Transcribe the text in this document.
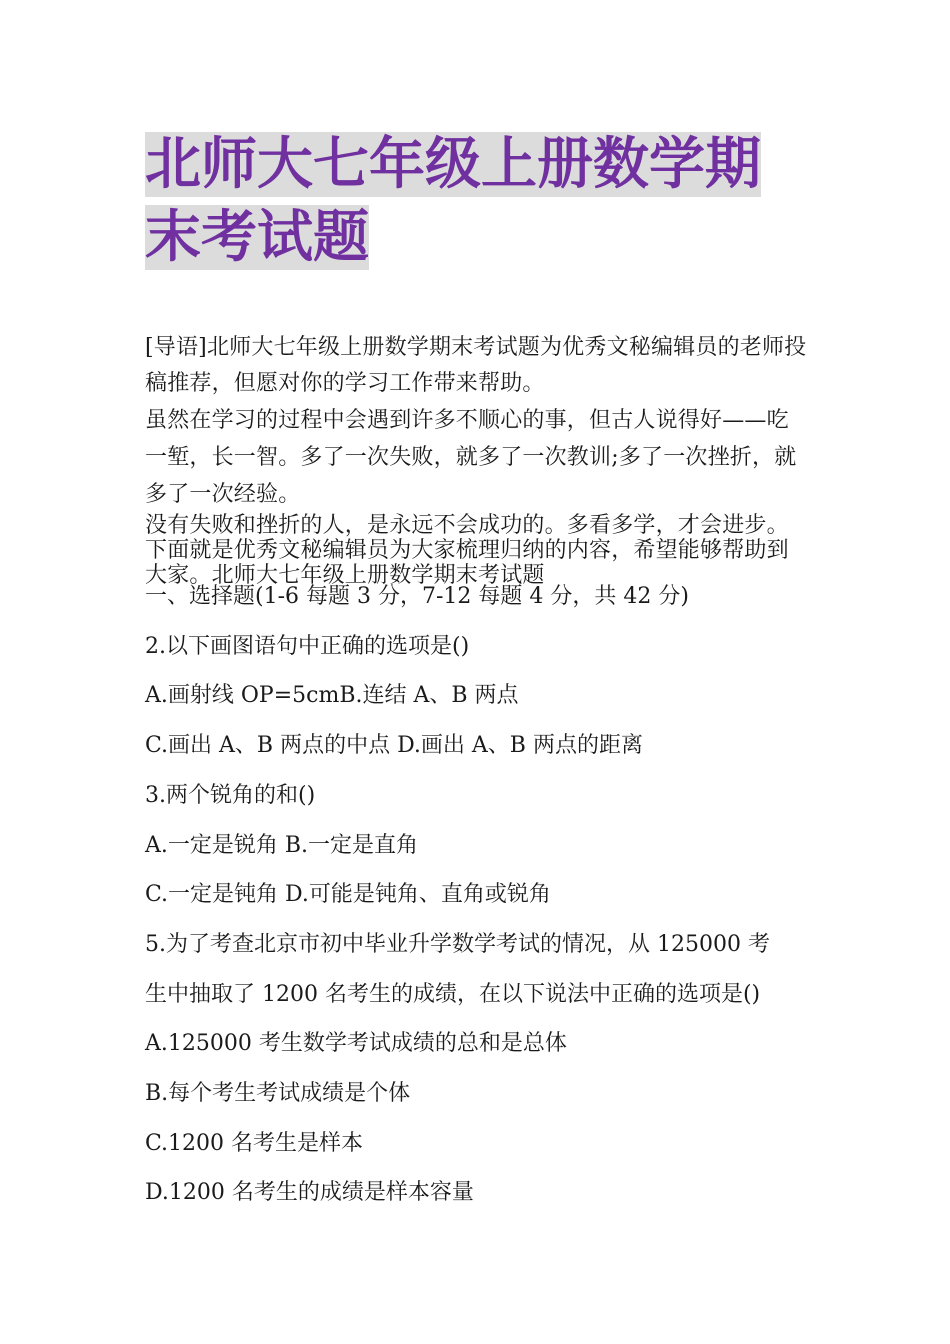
北师大七年级上册数学期
末考试题

[导语]北师大七年级上册数学期末考试题为优秀文秘编辑员的老师投稿推荐，但愿对你的学习工作带来帮助。

虽然在学习的过程中会遇到许多不顺心的事，但古人说得好——吃一堑，长一智。多了一次失败，就多了一次教训;多了一次挫折，就多了一次经验。

没有失败和挫折的人，是永远不会成功的。多看多学，才会进步。下面就是优秀文秘编辑员为大家梳理归纳的内容，希望能够帮助到大家。北师大七年级上册数学期末考试题

一、选择题(1-6 每题 3 分，7-12 每题 4 分，共 42 分)

2.以下画图语句中正确的选项是()

A.画射线 OP=5cmB.连结 A、B 两点

C.画出 A、B 两点的中点 D.画出 A、B 两点的距离

3.两个锐角的和()

A.一定是锐角 B.一定是直角

C.一定是钝角 D.可能是钝角、直角或锐角

5.为了考查北京市初中毕业升学数学考试的情况，从 125000 考

生中抽取了 1200 名考生的成绩，在以下说法中正确的选项是()

A.125000 考生数学考试成绩的总和是总体

B.每个考生考试成绩是个体

C.1200 名考生是样本

D.1200 名考生的成绩是样本容量
